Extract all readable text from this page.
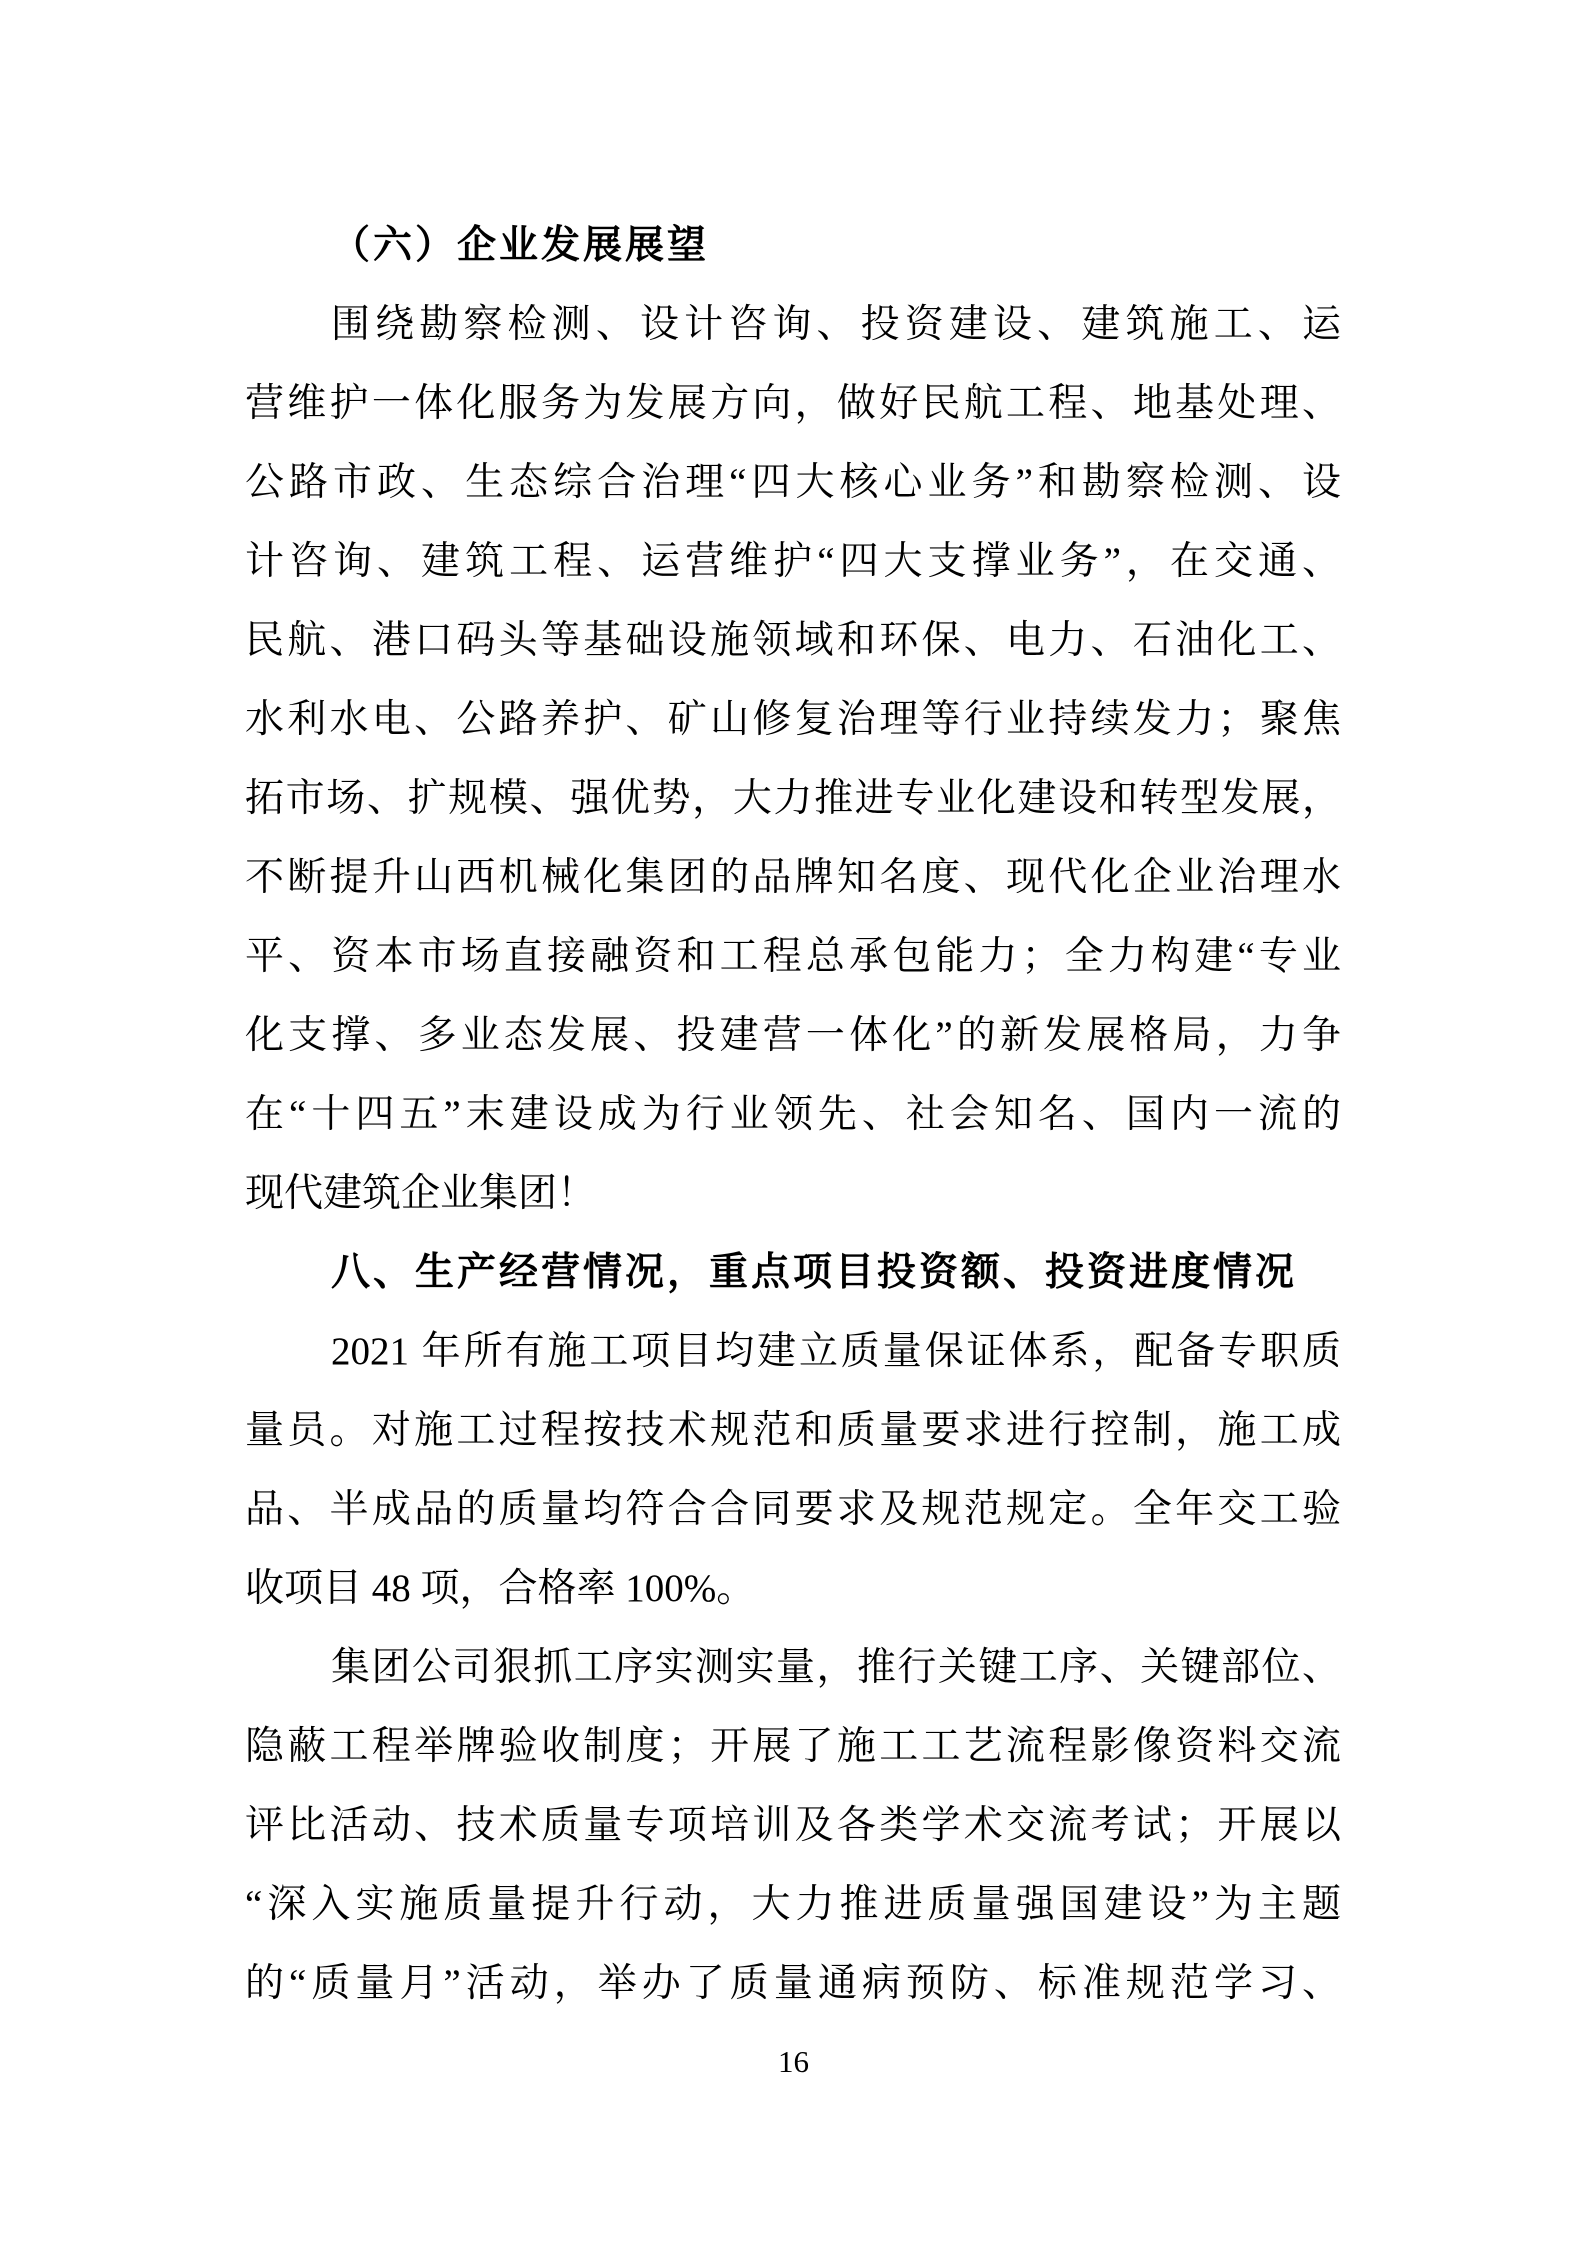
（六）企业发展展望
围绕勘察检测、设计咨询、投资建设、建筑施工、运
营维护一体化服务为发展方向，做好民航工程、地基处理、
公路市政、生态综合治理“四大核心业务”和勘察检测、设
计咨询、建筑工程、运营维护“四大支撑业务”，在交通、
民航、港口码头等基础设施领域和环保、电力、石油化工、
水利水电、公路养护、矿山修复治理等行业持续发力；聚焦
拓市场、扩规模、强优势，大力推进专业化建设和转型发展，
不断提升山西机械化集团的品牌知名度、现代化企业治理水
平、资本市场直接融资和工程总承包能力；全力构建“专业
化支撑、多业态发展、投建营一体化”的新发展格局，力争
在“十四五”末建设成为行业领先、社会知名、国内一流的
现代建筑企业集团！
八、生产经营情况，重点项目投资额、投资进度情况
2021 年所有施工项目均建立质量保证体系，配备专职质
量员。对施工过程按技术规范和质量要求进行控制，施工成
品、半成品的质量均符合合同要求及规范规定。全年交工验
收项目 48 项，合格率 100%。
集团公司狠抓工序实测实量，推行关键工序、关键部位、
隐蔽工程举牌验收制度；开展了施工工艺流程影像资料交流
评比活动、技术质量专项培训及各类学术交流考试；开展以
“深入实施质量提升行动，大力推进质量强国建设”为主题
的“质量月”活动，举办了质量通病预防、标准规范学习、
16
